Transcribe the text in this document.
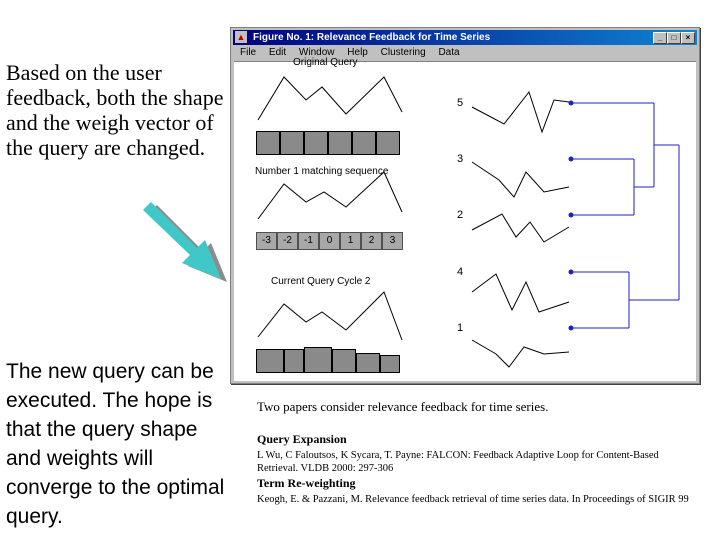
Based on the user feedback, both the shape and the weigh vector of the query are changed.

The new query can be executed. The hope is that the query shape and weights will converge to the optimal query.

▲ Figure No. 1: Relevance Feedback for Time Series	_	□	×
File Edit Window Help Clustering Data
Original Query
Number 1 matching sequence
Current Query Cycle 2
-3	-2	-1	0	1	2	3
5
3
2
4
1
Two papers consider relevance feedback for time series.
Query Expansion
L Wu, C Faloutsos, K Sycara, T. Payne: FALCON: Feedback Adaptive Loop for Content-Based Retrieval. VLDB 2000: 297-306
Term Re-weighting
Keogh, E. & Pazzani, M. Relevance feedback retrieval of time series data. In Proceedings of SIGIR 99
